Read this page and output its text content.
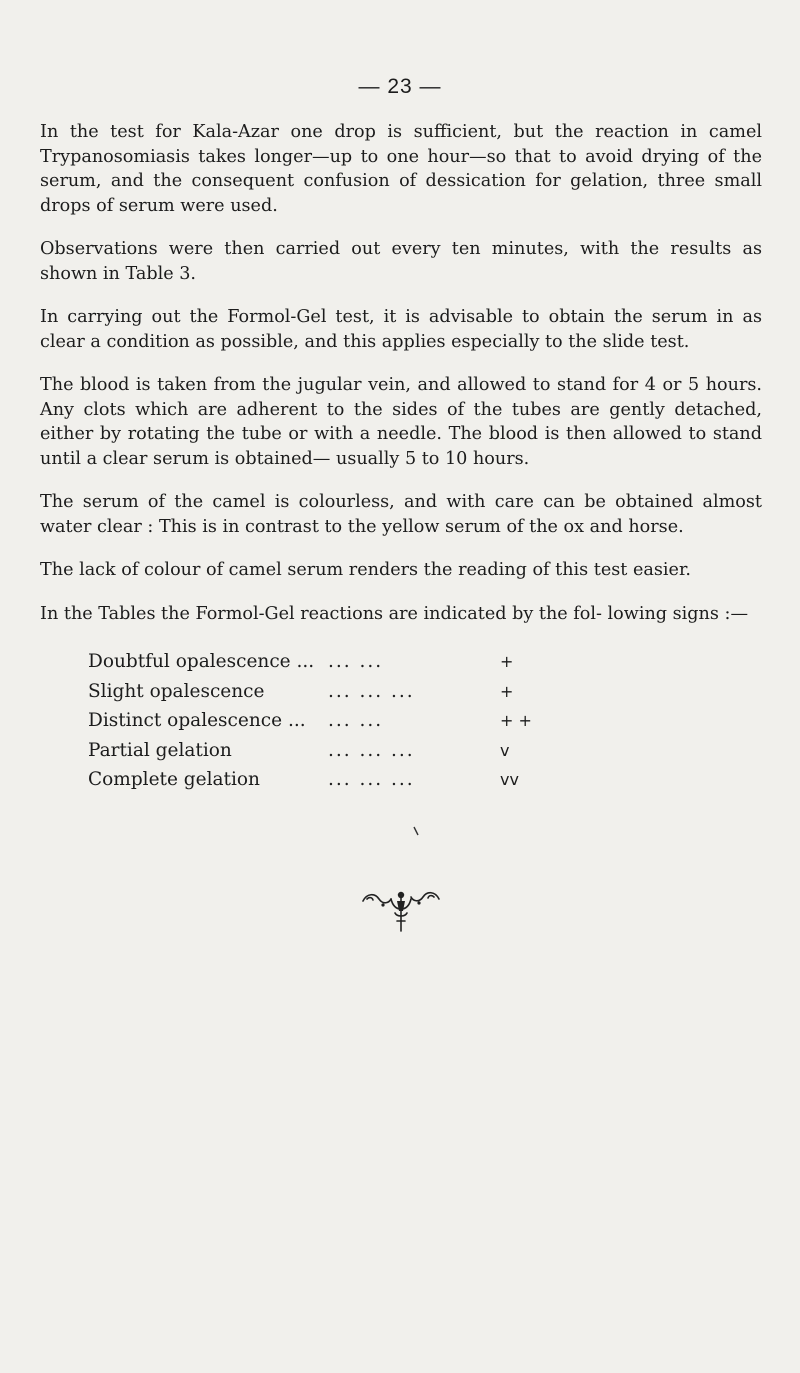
— 23 —

In the test for Kala-Azar one drop is sufficient, but the reaction in camel Trypanosomiasis takes longer—up to one hour—so that to avoid drying of the serum, and the consequent confusion of dessication for gelation, three small drops of serum were used.

Observations were then carried out every ten minutes, with the results as shown in Table 3.

In carrying out the Formol-Gel test, it is advisable to obtain the serum in as clear a condition as possible, and this applies especially to the slide test.

The blood is taken from the jugular vein, and allowed to stand for 4 or 5 hours. Any clots which are adherent to the sides of the tubes are gently detached, either by rotating the tube or with a needle. The blood is then allowed to stand until a clear serum is obtained— usually 5 to 10 hours.

The serum of the camel is colourless, and with care can be obtained almost water clear : This is in contrast to the yellow serum of the ox and horse.

The lack of colour of camel serum renders the reading of this test easier.

In the Tables the Formol-Gel reactions are indicated by the fol- lowing signs :—

Doubtful opalescence ...	... ...	+
Slight opalescence	... ... ...	+
Distinct opalescence ...	... ...	+ +
Partial gelation	... ... ...	v
Complete gelation	... ... ...	vv
